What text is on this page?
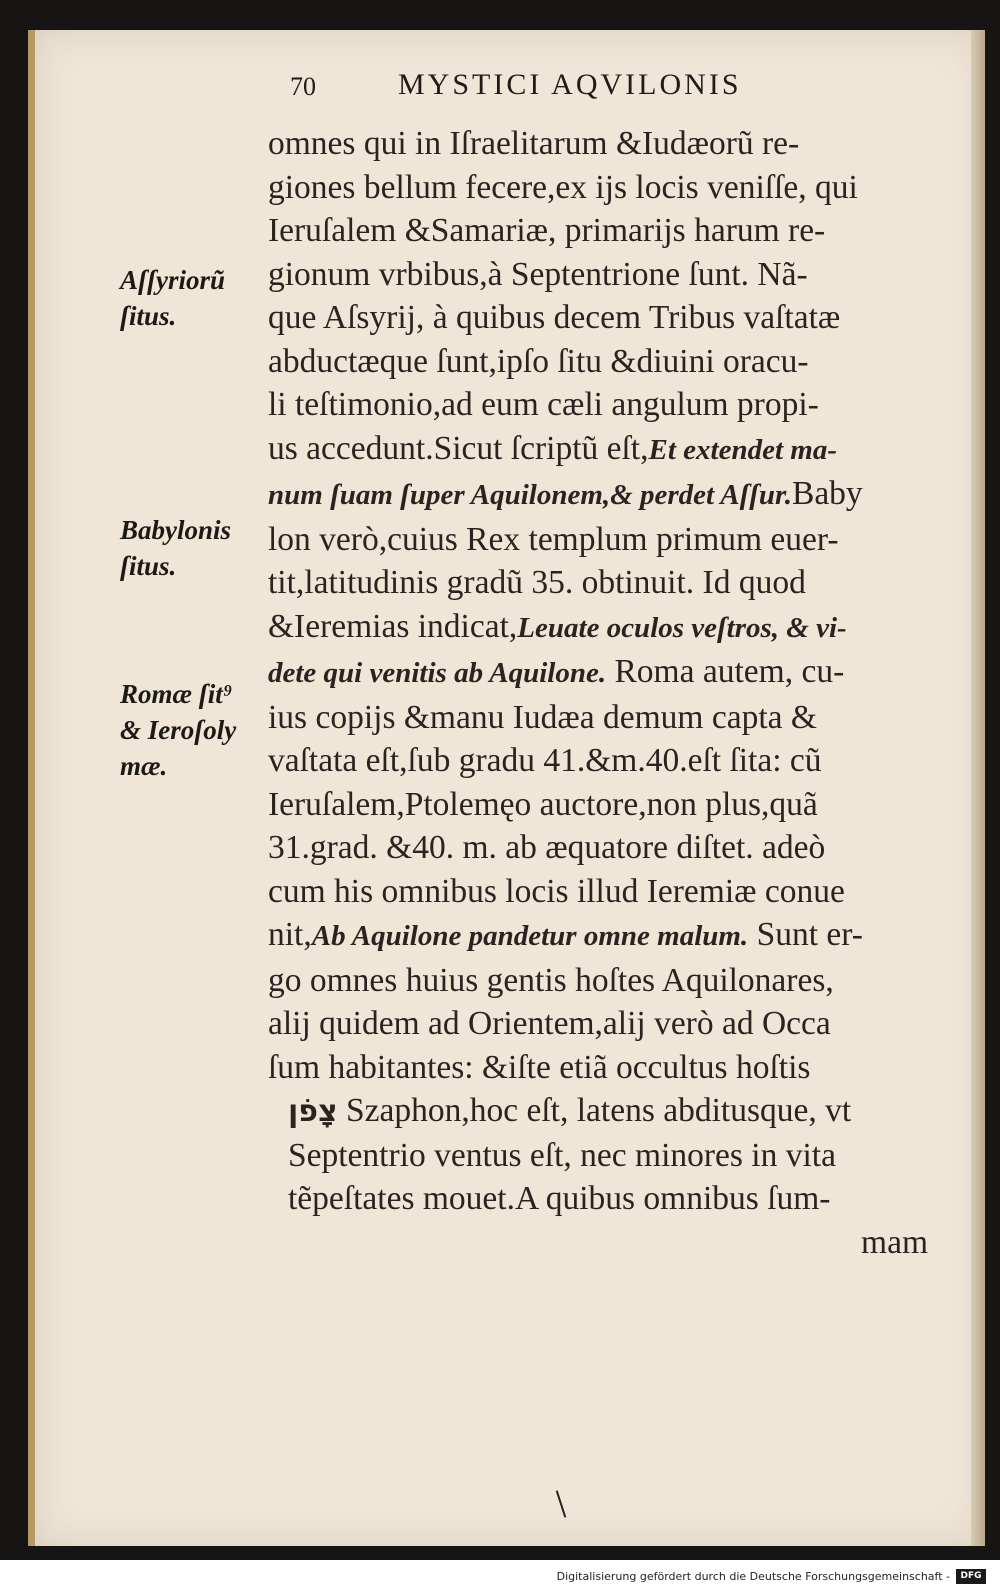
70	MYSTICI AQVILONIS
omnes qui in Iſraelitarum &Iudæorũ re-
giones bellum fecere,ex ijs locis veniſſe, qui
Ieruſalem &Samariæ, primarijs harum re-
gionum vrbibus,à Septentrione ſunt. Nã-
que Aſsyrij, à quibus decem Tribus vaſtatæ
abductæque ſunt,ipſo ſitu &diuini oracu-
li teſtimonio,ad eum cæli angulum propi-
us accedunt.Sicut ſcriptũ eſt,Et extendet ma-
num ſuam ſuper Aquilonem,& perdet Aſſur.Baby
lon verò,cuius Rex templum primum euer-
tit,latitudinis gradũ 35. obtinuit. Id quod
&Ieremias indicat,Leuate oculos veſtros, & vi-
dete qui venitis ab Aquilone. Roma autem, cu-
ius copijs &manu Iudæa demum capta &
vaſtata eſt,ſub gradu 41.&m.40.eſt ſita: cũ
Ieruſalem,Ptolemęo auctore,non plus,quã
31.grad. &40. m. ab æquatore diſtet. adeò
cum his omnibus locis illud Ieremiæ conue
nit,Ab Aquilone pandetur omne malum. Sunt er-
go omnes huius gentis hoſtes Aquilonares,
alij quidem ad Orientem,alij verò ad Occa
ſum habitantes: &iſte etiã occultus hoſtis
צָפֹן Szaphon,hoc eſt, latens abditusque, vt
Septentrio ventus eſt, nec minores in vita
tẽpeſtates mouet.A quibus omnibus ſum-
mam
Aſſyriorũ
ſitus.
Babylonis
ſitus.
Romæ ſit⁹
& Ieroſoly
mæ.
Digitalisierung gefördert durch die Deutsche Forschungsgemeinschaft -	DFG
